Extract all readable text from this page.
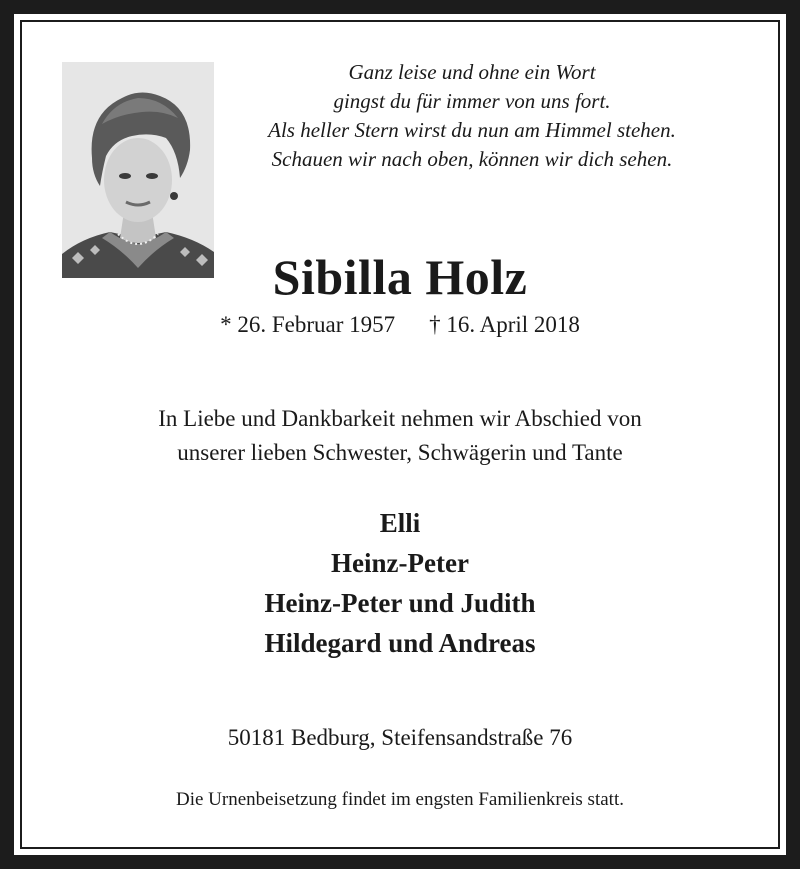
Ganz leise und ohne ein Wort
gingst du für immer von uns fort.
Als heller Stern wirst du nun am Himmel stehen.
Schauen wir nach oben, können wir dich sehen.
Sibilla Holz
* 26. Februar 1957 † 16. April 2018
In Liebe und Dankbarkeit nehmen wir Abschied von
unserer lieben Schwester, Schwägerin und Tante
Elli
Heinz-Peter
Heinz-Peter und Judith
Hildegard und Andreas
50181 Bedburg, Steifensandstraße 76
Die Urnenbeisetzung findet im engsten Familienkreis statt.
